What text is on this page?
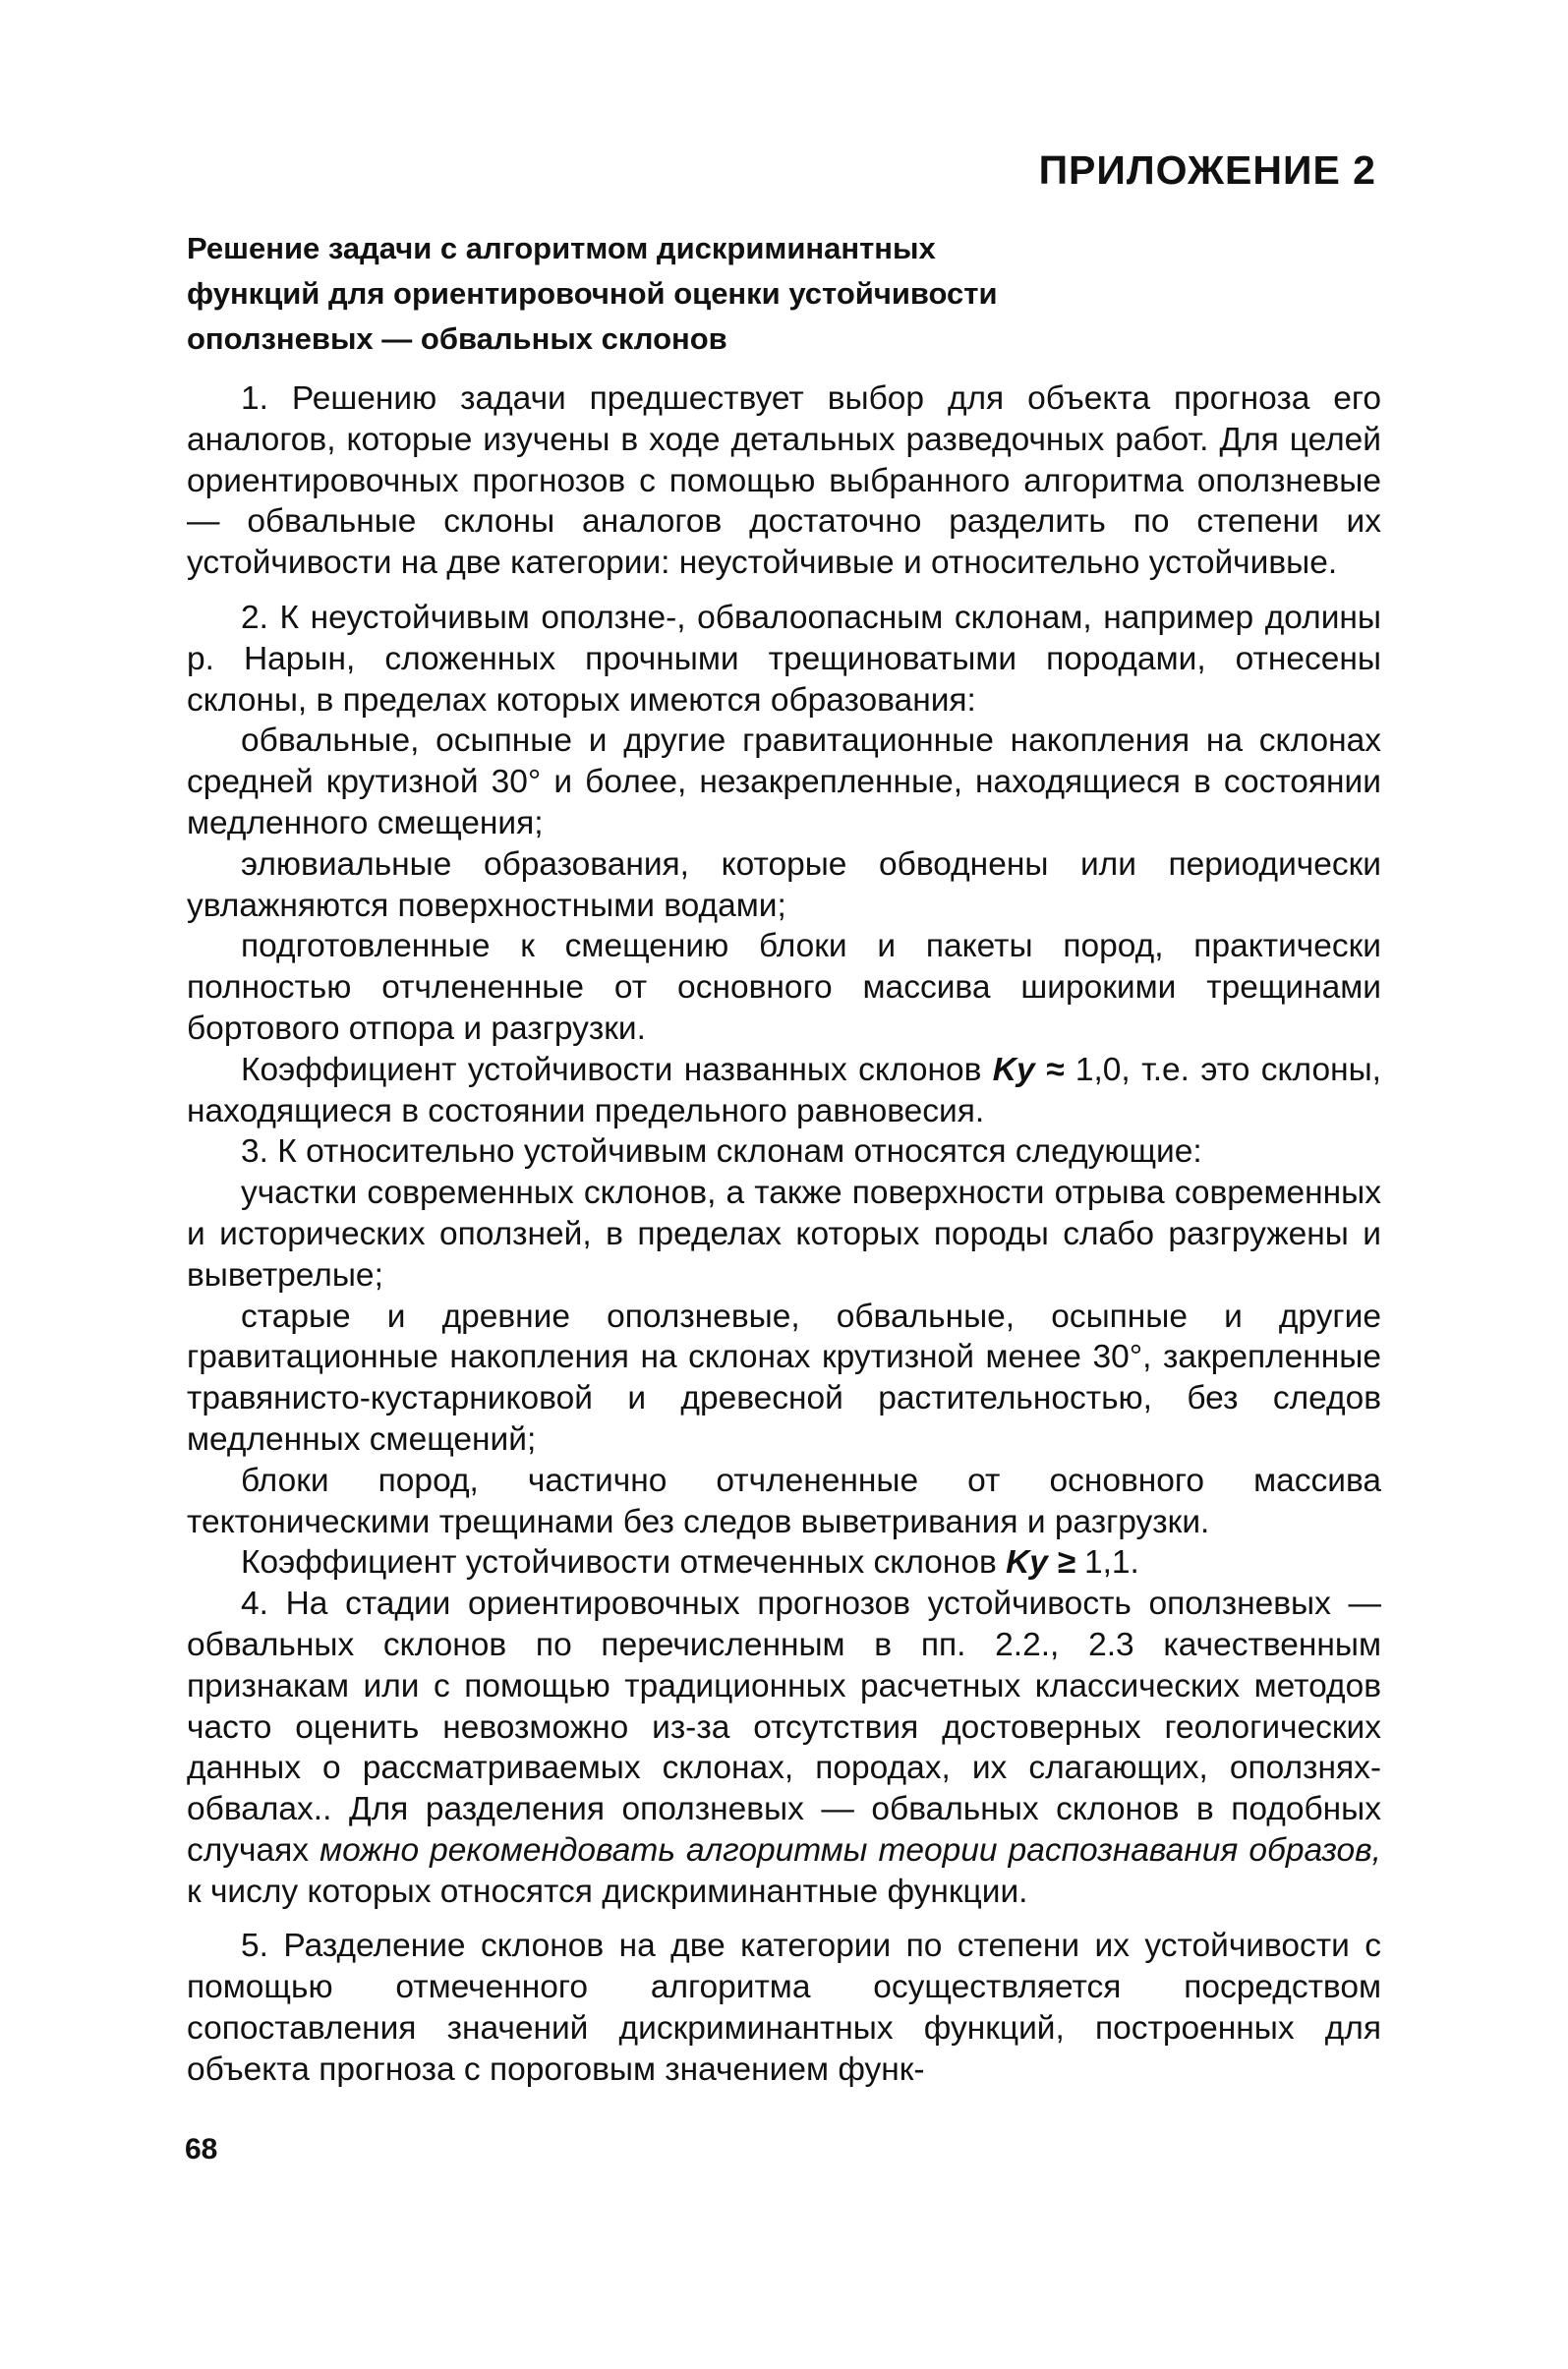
ПРИЛОЖЕНИЕ 2
Решение задачи с алгоритмом дискриминантных
функций для ориентировочной оценки устойчивости
оползневых — обвальных склонов

1. Решению задачи предшествует выбор для объекта прогноза его аналогов, которые изучены в ходе детальных разведочных работ. Для целей ориентировочных прогнозов с помощью выбранного алгоритма оползневые — обвальные склоны аналогов достаточно разделить по степени их устойчивости на две категории: неустойчивые и относительно устойчивые.

2. К неустойчивым оползне-, обвалоопасным склонам, например долины р. Нарын, сложенных прочными трещиноватыми породами, отнесены склоны, в пределах которых имеются образования:

обвальные, осыпные и другие гравитационные накопления на склонах средней крутизной 30° и более, незакрепленные, находящиеся в состоянии медленного смещения;

элювиальные образования, которые обводнены или периодически увлажняются поверхностными водами;

подготовленные к смещению блоки и пакеты пород, практически полностью отчлененные от основного массива широкими трещинами бортового отпора и разгрузки.

Коэффициент устойчивости названных склонов Kу ≈ 1,0, т.е. это склоны, находящиеся в состоянии предельного равновесия.

3. К относительно устойчивым склонам относятся следующие:

участки современных склонов, а также поверхности отрыва современных и исторических оползней, в пределах которых породы слабо разгружены и выветрелые;

старые и древние оползневые, обвальные, осыпные и другие гравитационные накопления на склонах крутизной менее 30°, закрепленные травянисто-кустарниковой и древесной растительностью, без следов медленных смещений;

блоки пород, частично отчлененные от основного массива тектоническими трещинами без следов выветривания и разгрузки.

Коэффициент устойчивости отмеченных склонов Kу ≥ 1,1.

4. На стадии ориентировочных прогнозов устойчивость оползневых — обвальных склонов по перечисленным в пп. 2.2., 2.3 качественным признакам или с помощью традиционных расчетных классических методов часто оценить невозможно из-за отсутствия достоверных геологических данных о рассматриваемых склонах, породах, их слагающих, оползнях-обвалах.. Для разделения оползневых — обвальных склонов в подобных случаях можно рекомендовать алгоритмы теории распознавания образов, к числу которых относятся дискриминантные функции.

5. Разделение склонов на две категории по степени их устойчивости с помощью отмеченного алгоритма осуществляется посредством сопоставления значений дискриминантных функций, построенных для объекта прогноза с пороговым значением функ-

68
